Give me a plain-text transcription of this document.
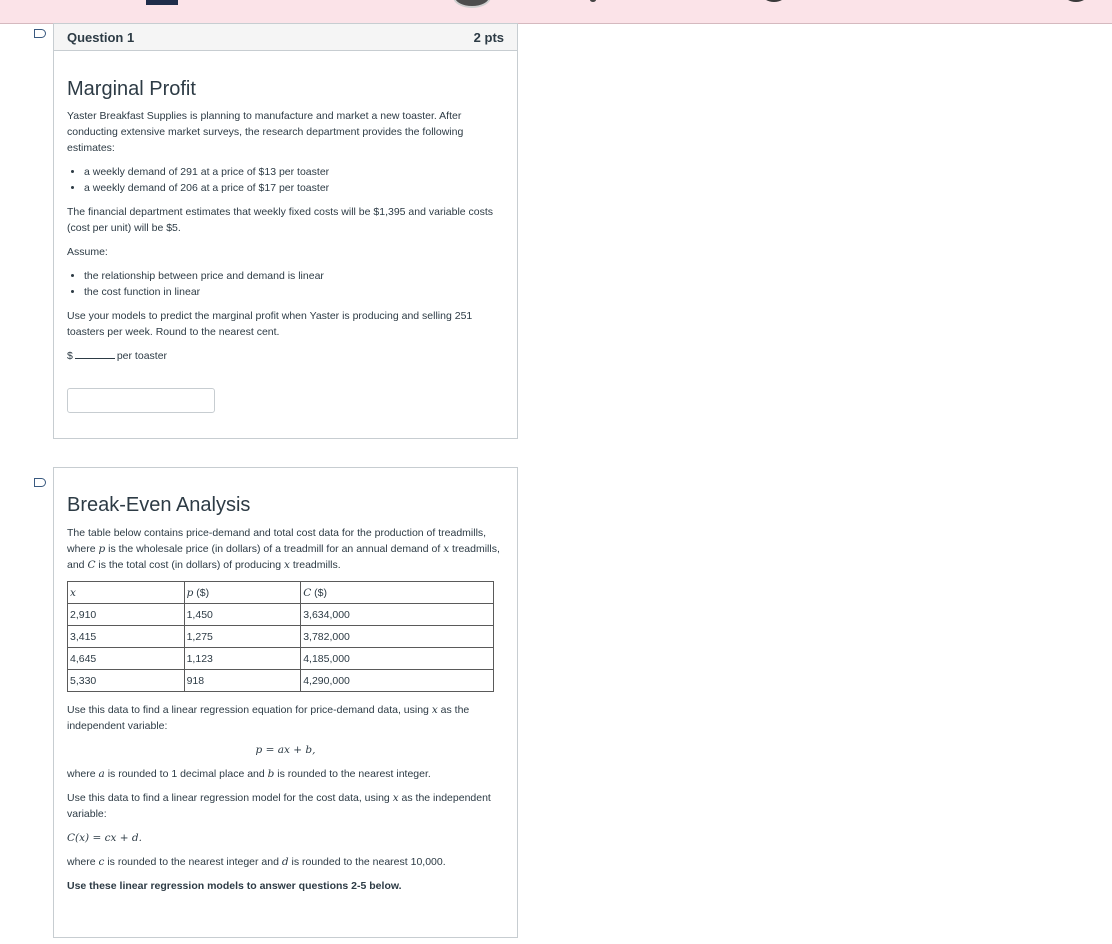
Question 1	2 pts
Marginal Profit

Yaster Breakfast Supplies is planning to manufacture and market a new toaster. After conducting extensive market surveys, the research department provides the following estimates:

• a weekly demand of 291 at a price of $13 per toaster
• a weekly demand of 206 at a price of $17 per toaster

The financial department estimates that weekly fixed costs will be $1,395 and variable costs (cost per unit) will be $5.

Assume:

• the relationship between price and demand is linear
• the cost function in linear

Use your models to predict the marginal profit when Yaster is producing and selling 251 toasters per week. Round to the nearest cent.

$	per toaster

Break-Even Analysis

The table below contains price-demand and total cost data for the production of treadmills, where p is the wholesale price (in dollars) of a treadmill for an annual demand of x treadmills, and C is the total cost (in dollars) of producing x treadmills.

x	p ($)	C ($)
2,910	1,450	3,634,000
3,415	1,275	3,782,000
4,645	1,123	4,185,000
5,330	918	4,290,000

Use this data to find a linear regression equation for price-demand data, using x as the independent variable:

p = ax + b,

where a is rounded to 1 decimal place and b is rounded to the nearest integer.

Use this data to find a linear regression model for the cost data, using x as the independent variable:

C(x) = cx + d.

where c is rounded to the nearest integer and d is rounded to the nearest 10,000.

Use these linear regression models to answer questions 2-5 below.
